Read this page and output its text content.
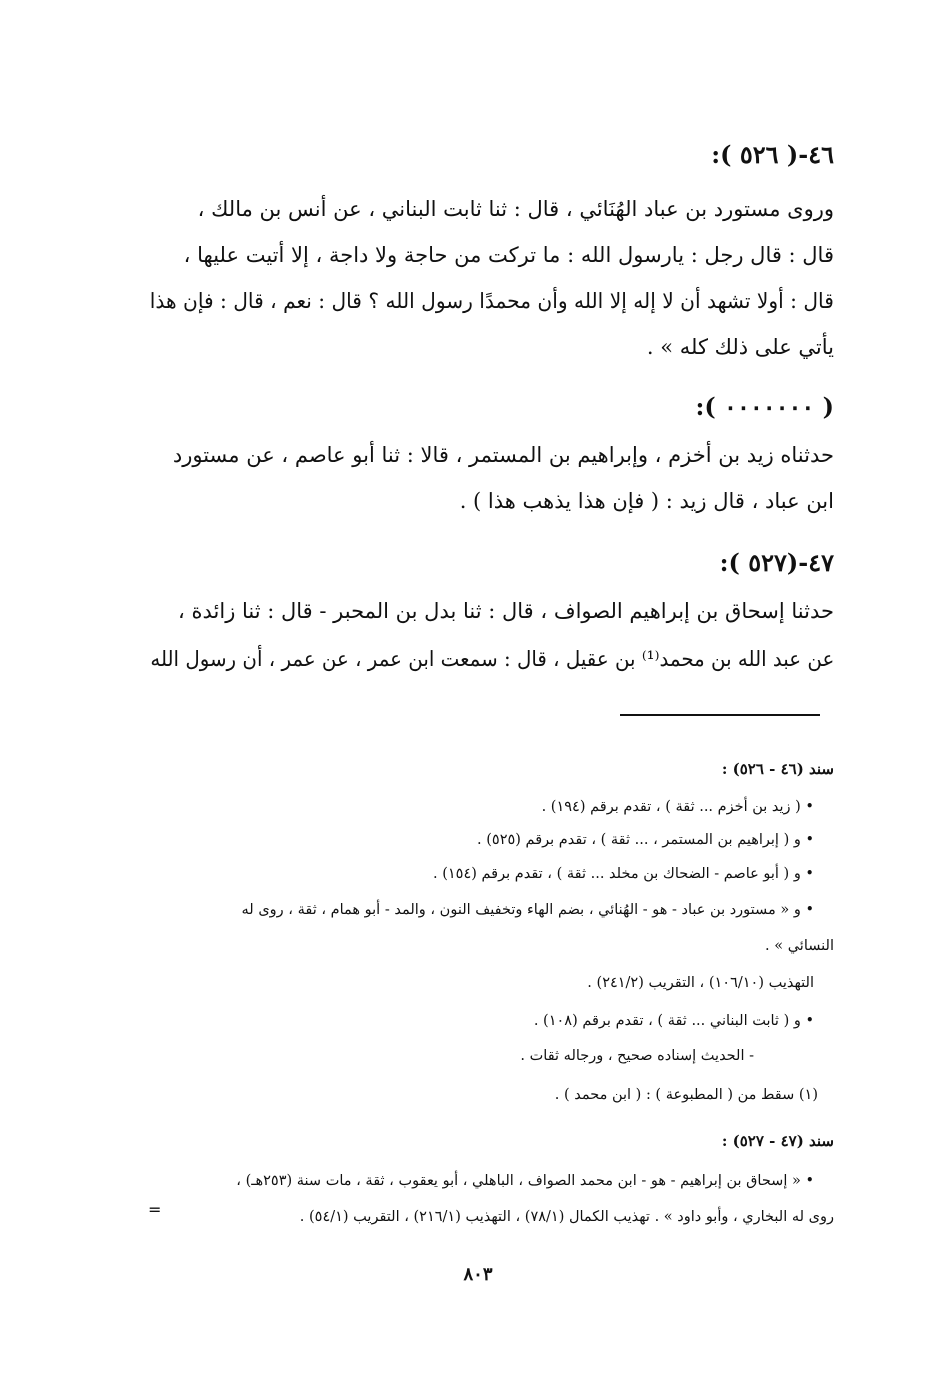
:( ٥٢٦ )-٤٦

وروى مستورد بن عباد الهُنَائي ، قال : ثنا ثابت البناني ، عن أنس بن مالك ،

قال : قال رجل : يارسول الله : ما تركت من حاجة ولا داجة ، إلا أتيت عليها ،

قال : أولا تشهد أن لا إله إلا الله وأن محمدًا رسول الله ؟ قال : نعم ، قال : فإن هذا

يأتي على ذلك كله » .

:( ٠٠٠٠٠٠٠ )

حدثناه زيد بن أخزم ، وإبراهيم بن المستمر ، قالا : ثنا أبو عاصم ، عن مستورد

ابن عباد ، قال زيد : ( فإن هذا يذهب هذا ) .

:( ٥٢٧)-٤٧

حدثنا إسحاق بن إبراهيم الصواف ، قال : ثنا بدل بن المحبر - قال : ثنا زائدة ،

عن عبد الله بن محمد⁽¹⁾ بن عقيل ، قال : سمعت ابن عمر ، عن عمر ، أن رسول الله

سند (٤٦ - ٥٢٦) :

• ( زيد بن أخزم ... ثقة ) ، تقدم برقم (١٩٤) .

• و ( إبراهيم بن المستمر ، ... ثقة ) ، تقدم برقم (٥٢٥) .

• و ( أبو عاصم - الضحاك بن مخلد ... ثقة ) ، تقدم برقم (١٥٤) .

• و « مستورد بن عباد - هو - الهُنائي ، بضم الهاء وتخفيف النون ، والمد - أبو همام ، ثقة ، روى له

النسائي » .

التهذيب (١٠٦/١٠) ، التقريب (٢٤١/٢) .

• و ( ثابت البناني ... ثقة ) ، تقدم برقم (١٠٨) .

- الحديث إسناده صحيح ، ورجاله ثقات .

(١) سقط من ( المطبوعة ) : ( ابن محمد ) .

سند (٤٧ - ٥٢٧) :

• « إسحاق بن إبراهيم - هو - ابن محمد الصواف ، الباهلي ، أبو يعقوب ، ثقة ، مات سنة (٢٥٣هـ) ،

روى له البخاري ، وأبو داود » . تهذيب الكمال (٧٨/١) ، التهذيب (٢١٦/١) ، التقريب (٥٤/١) .

=
٨٠٣
